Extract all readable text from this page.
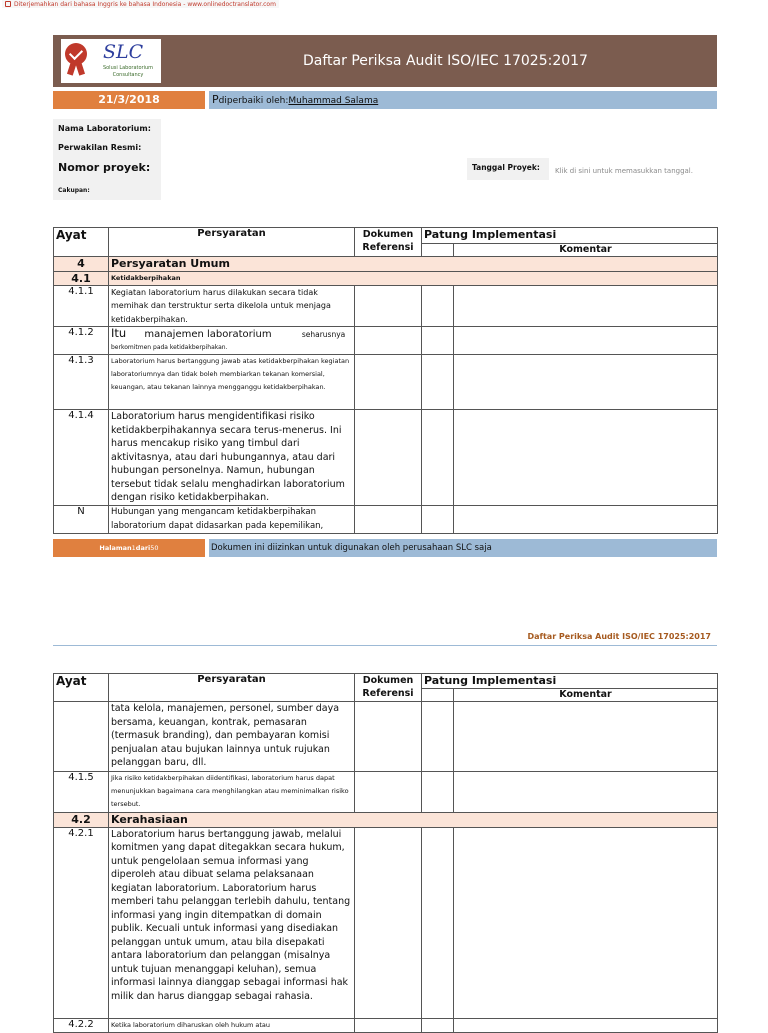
Diterjemahkan dari bahasa Inggris ke bahasa Indonesia - www.onlinedoctranslator.com
SLC
Solusi Laboratorium Consultancy
Daftar Periksa Audit ISO/IEC 17025:2017
21/3/2018	Pdiperbaiki oleh:Muhammad Salama
Nama Laboratorium:
Perwakilan Resmi:
Nomor proyek:
Cakupan:
Tanggal Proyek: Klik di sini untuk memasukkan tanggal.
Ayat	Persyaratan	Dokumen
Referensi	Patung Implementasi	
				Komentar
4	Persyaratan Umum			
4.1	Ketidakberpihakan			
4.1.1	Kegiatan laboratorium harus dilakukan secara tidak memihak dan terstruktur serta dikelola untuk menjaga ketidakberpihakan.			
4.1.2	Itu manajemen laboratorium seharusnya
berkomitmen pada ketidakberpihakan.			
4.1.3	Laboratorium harus bertanggung jawab atas ketidakberpihakan kegiatan laboratoriumnya dan tidak boleh membiarkan tekanan komersial, keuangan, atau tekanan lainnya mengganggu ketidakberpihakan.			
4.1.4	Laboratorium harus mengidentifikasi risiko ketidakberpihakannya secara terus-menerus. Ini harus mencakup risiko yang timbul dari aktivitasnya, atau dari hubungannya, atau dari hubungan personelnya. Namun, hubungan tersebut tidak selalu menghadirkan laboratorium dengan risiko ketidakberpihakan.			
N	Hubungan yang mengancam ketidakberpihakan laboratorium dapat didasarkan pada kepemilikan,			
Halaman1dari50	Dokumen ini diizinkan untuk digunakan oleh perusahaan SLC saja
Daftar Periksa Audit ISO/IEC 17025:2017
Ayat	Persyaratan	Dokumen
Referensi	Patung Implementasi	
				Komentar
	tata kelola, manajemen, personel, sumber daya bersama, keuangan, kontrak, pemasaran (termasuk branding), dan pembayaran komisi penjualan atau bujukan lainnya untuk rujukan pelanggan baru, dll.			
4.1.5	Jika risiko ketidakberpihakan diidentifikasi, laboratorium harus dapat menunjukkan bagaimana cara menghilangkan atau meminimalkan risiko tersebut.			
4.2	Kerahasiaan			
4.2.1	Laboratorium harus bertanggung jawab, melalui komitmen yang dapat ditegakkan secara hukum, untuk pengelolaan semua informasi yang diperoleh atau dibuat selama pelaksanaan kegiatan laboratorium. Laboratorium harus memberi tahu pelanggan terlebih dahulu, tentang informasi yang ingin ditempatkan di domain publik. Kecuali untuk informasi yang disediakan pelanggan untuk umum, atau bila disepakati antara laboratorium dan pelanggan (misalnya untuk tujuan menanggapi keluhan), semua informasi lainnya dianggap sebagai informasi hak milik dan harus dianggap sebagai rahasia.			
4.2.2	Ketika laboratorium diharuskan oleh hukum atau			
